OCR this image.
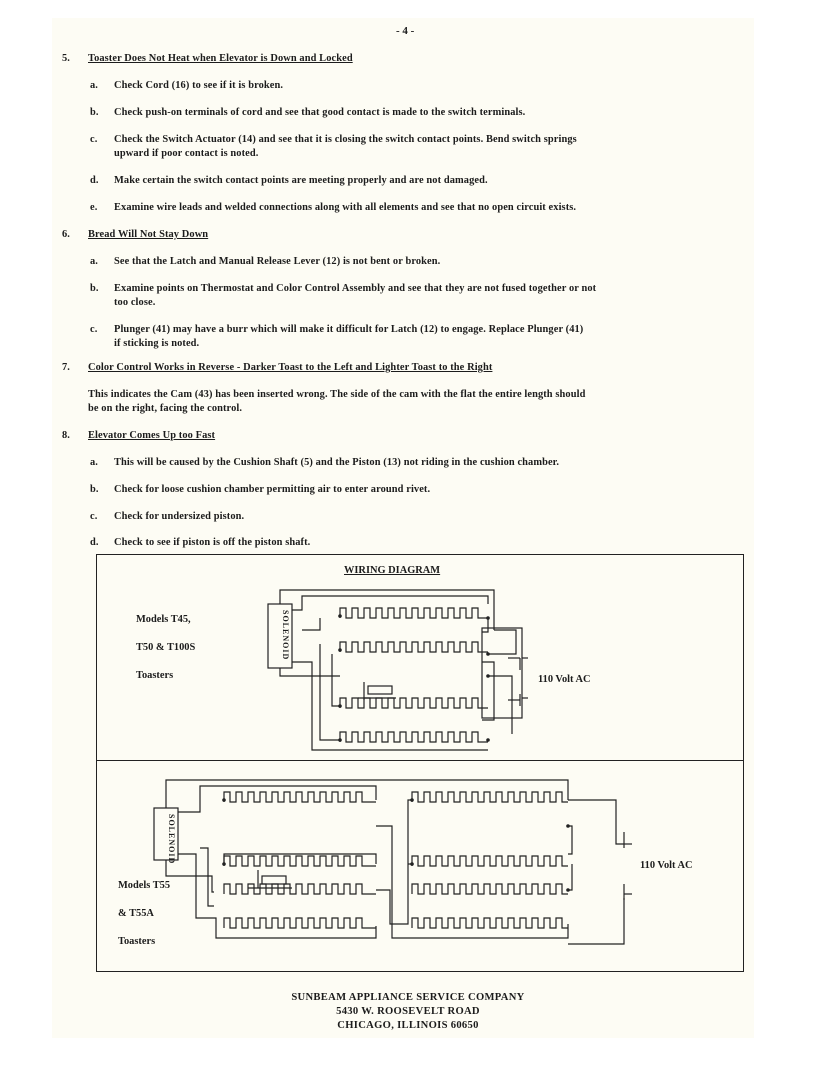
- 4 -
5. Toaster Does Not Heat when Elevator is Down and Locked
a. Check Cord (16) to see if it is broken.
b. Check push-on terminals of cord and see that good contact is made to the switch terminals.
c. Check the Switch Actuator (14) and see that it is closing the switch contact points. Bend switch springs
upward if poor contact is noted.
d. Make certain the switch contact points are meeting properly and are not damaged.
e. Examine wire leads and welded connections along with all elements and see that no open circuit exists.
6. Bread Will Not Stay Down
a. See that the Latch and Manual Release Lever (12) is not bent or broken.
b. Examine points on Thermostat and Color Control Assembly and see that they are not fused together or not
too close.
c. Plunger (41) may have a burr which will make it difficult for Latch (12) to engage. Replace Plunger (41)
if sticking is noted.
7. Color Control Works in Reverse - Darker Toast to the Left and Lighter Toast to the Right
This indicates the Cam (43) has been inserted wrong. The side of the cam with the flat the entire length should
be on the right, facing the control.
8. Elevator Comes Up too Fast
a. This will be caused by the Cushion Shaft (5) and the Piston (13) not riding in the cushion chamber.
b. Check for loose cushion chamber permitting air to enter around rivet.
c. Check for undersized piston.
d. Check to see if piston is off the piston shaft.
WIRING DIAGRAM
Models T45,
T50 & T100S
Toasters
SOLENOID
110 Volt AC
Models T55
& T55A
Toasters
SOLENOID
110 Volt AC
SUNBEAM APPLIANCE SERVICE COMPANY
5430 W. ROOSEVELT ROAD
CHICAGO, ILLINOIS 60650
